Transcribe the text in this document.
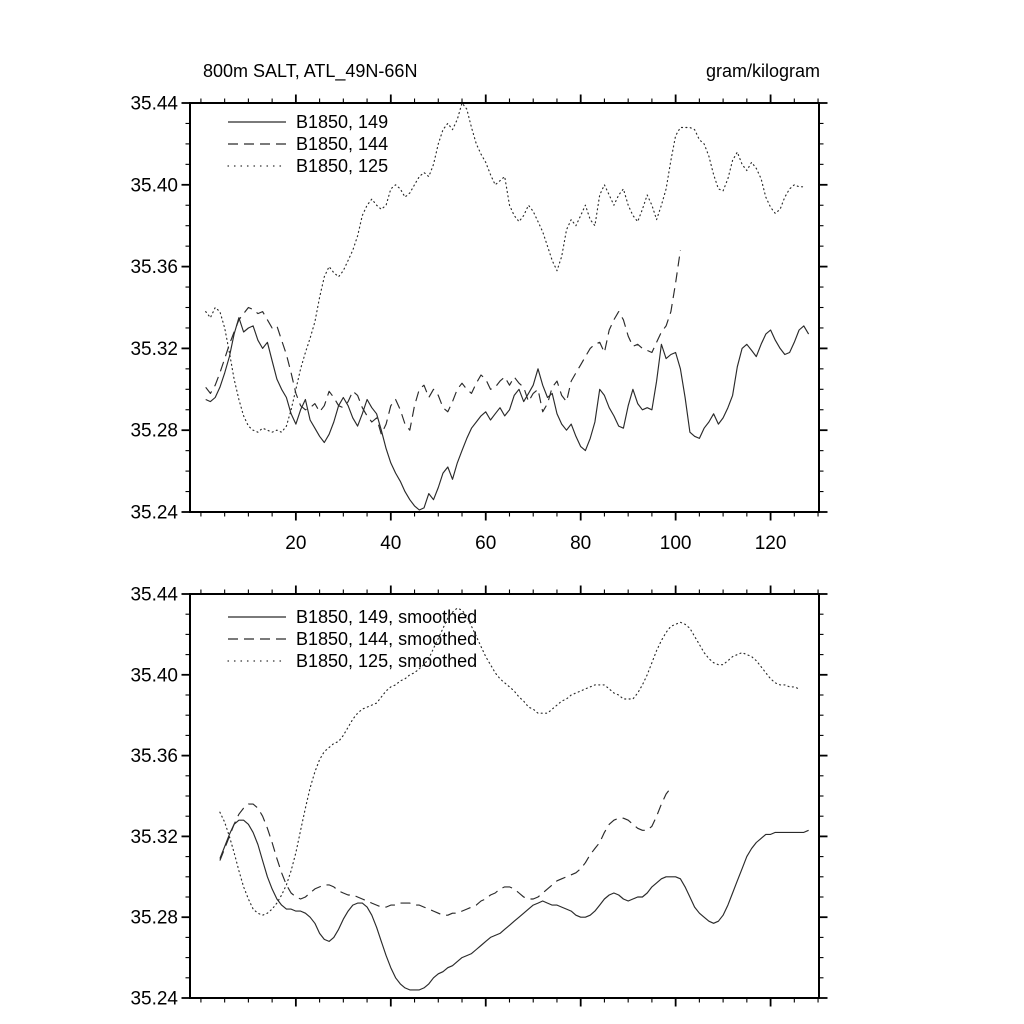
800m SALT, ATL_49N-66N	gram/kilogram
20	40	60	80	100	120
35.24
35.28
35.32
35.36
35.40
35.44
B1850, 149
B1850, 144
B1850, 125
35.24
35.28
35.32
35.36
35.40
35.44
B1850, 149, smoothed
B1850, 144, smoothed
B1850, 125, smoothed
